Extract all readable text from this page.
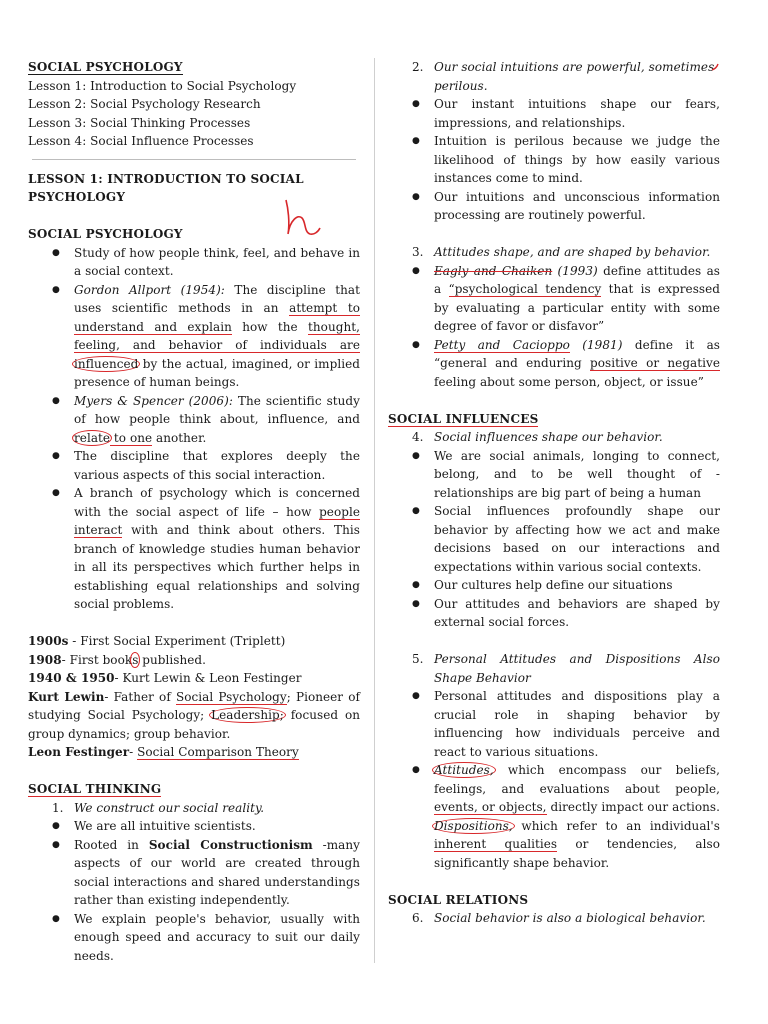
SOCIAL PSYCHOLOGY
Lesson 1: Introduction to Social Psychology
Lesson 2: Social Psychology Research
Lesson 3: Social Thinking Processes
Lesson 4: Social Influence Processes
LESSON 1: INTRODUCTION TO SOCIAL
PSYCHOLOGY
SOCIAL PSYCHOLOGY
● Study of how people think, feel, and behave in a social context.
● Gordon Allport (1954): The discipline that uses scientific methods in an attempt to understand and explain how the thought, feeling, and behavior of individuals are influenced by the actual, imagined, or implied presence of human beings.
● Myers & Spencer (2006): The scientific study of how people think about, influence, and relate to one another.
● The discipline that explores deeply the various aspects of this social interaction.
● A branch of psychology which is concerned with the social aspect of life – how people interact with and think about others. This branch of knowledge studies human behavior in all its perspectives which further helps in establishing equal relationships and solving social problems.
1900s - First Social Experiment (Triplett)
1908- First books published.
1940 & 1950- Kurt Lewin & Leon Festinger
Kurt Lewin- Father of Social Psychology; Pioneer of studying Social Psychology; Leadership; focused on group dynamics; group behavior.
Leon Festinger- Social Comparison Theory
SOCIAL THINKING
1. We construct our social reality.
● We are all intuitive scientists.
● Rooted in Social Constructionism -many aspects of our world are created through social interactions and shared understandings rather than existing independently.
● We explain people's behavior, usually with enough speed and accuracy to suit our daily needs.
2. Our social intuitions are powerful, sometimes perilous.
● Our instant intuitions shape our fears, impressions, and relationships.
● Intuition is perilous because we judge the likelihood of things by how easily various instances come to mind.
● Our intuitions and unconscious information processing are routinely powerful.
3. Attitudes shape, and are shaped by behavior.
● Eagly and Chaiken (1993) define attitudes as a “psychological tendency that is expressed by evaluating a particular entity with some degree of favor or disfavor”
● Petty and Cacioppo (1981) define it as “general and enduring positive or negative feeling about some person, object, or issue”
SOCIAL INFLUENCES
4. Social influences shape our behavior.
● We are social animals, longing to connect, belong, and to be well thought of - relationships are big part of being a human
● Social influences profoundly shape our behavior by affecting how we act and make decisions based on our interactions and expectations within various social contexts.
● Our cultures help define our situations
● Our attitudes and behaviors are shaped by external social forces.
5. Personal Attitudes and Dispositions Also Shape Behavior
● Personal attitudes and dispositions play a crucial role in shaping behavior by influencing how individuals perceive and react to various situations.
● Attitudes, which encompass our beliefs, feelings, and evaluations about people, events, or objects, directly impact our actions. Dispositions, which refer to an individual's inherent qualities or tendencies, also significantly shape behavior.
SOCIAL RELATIONS
6. Social behavior is also a biological behavior.
